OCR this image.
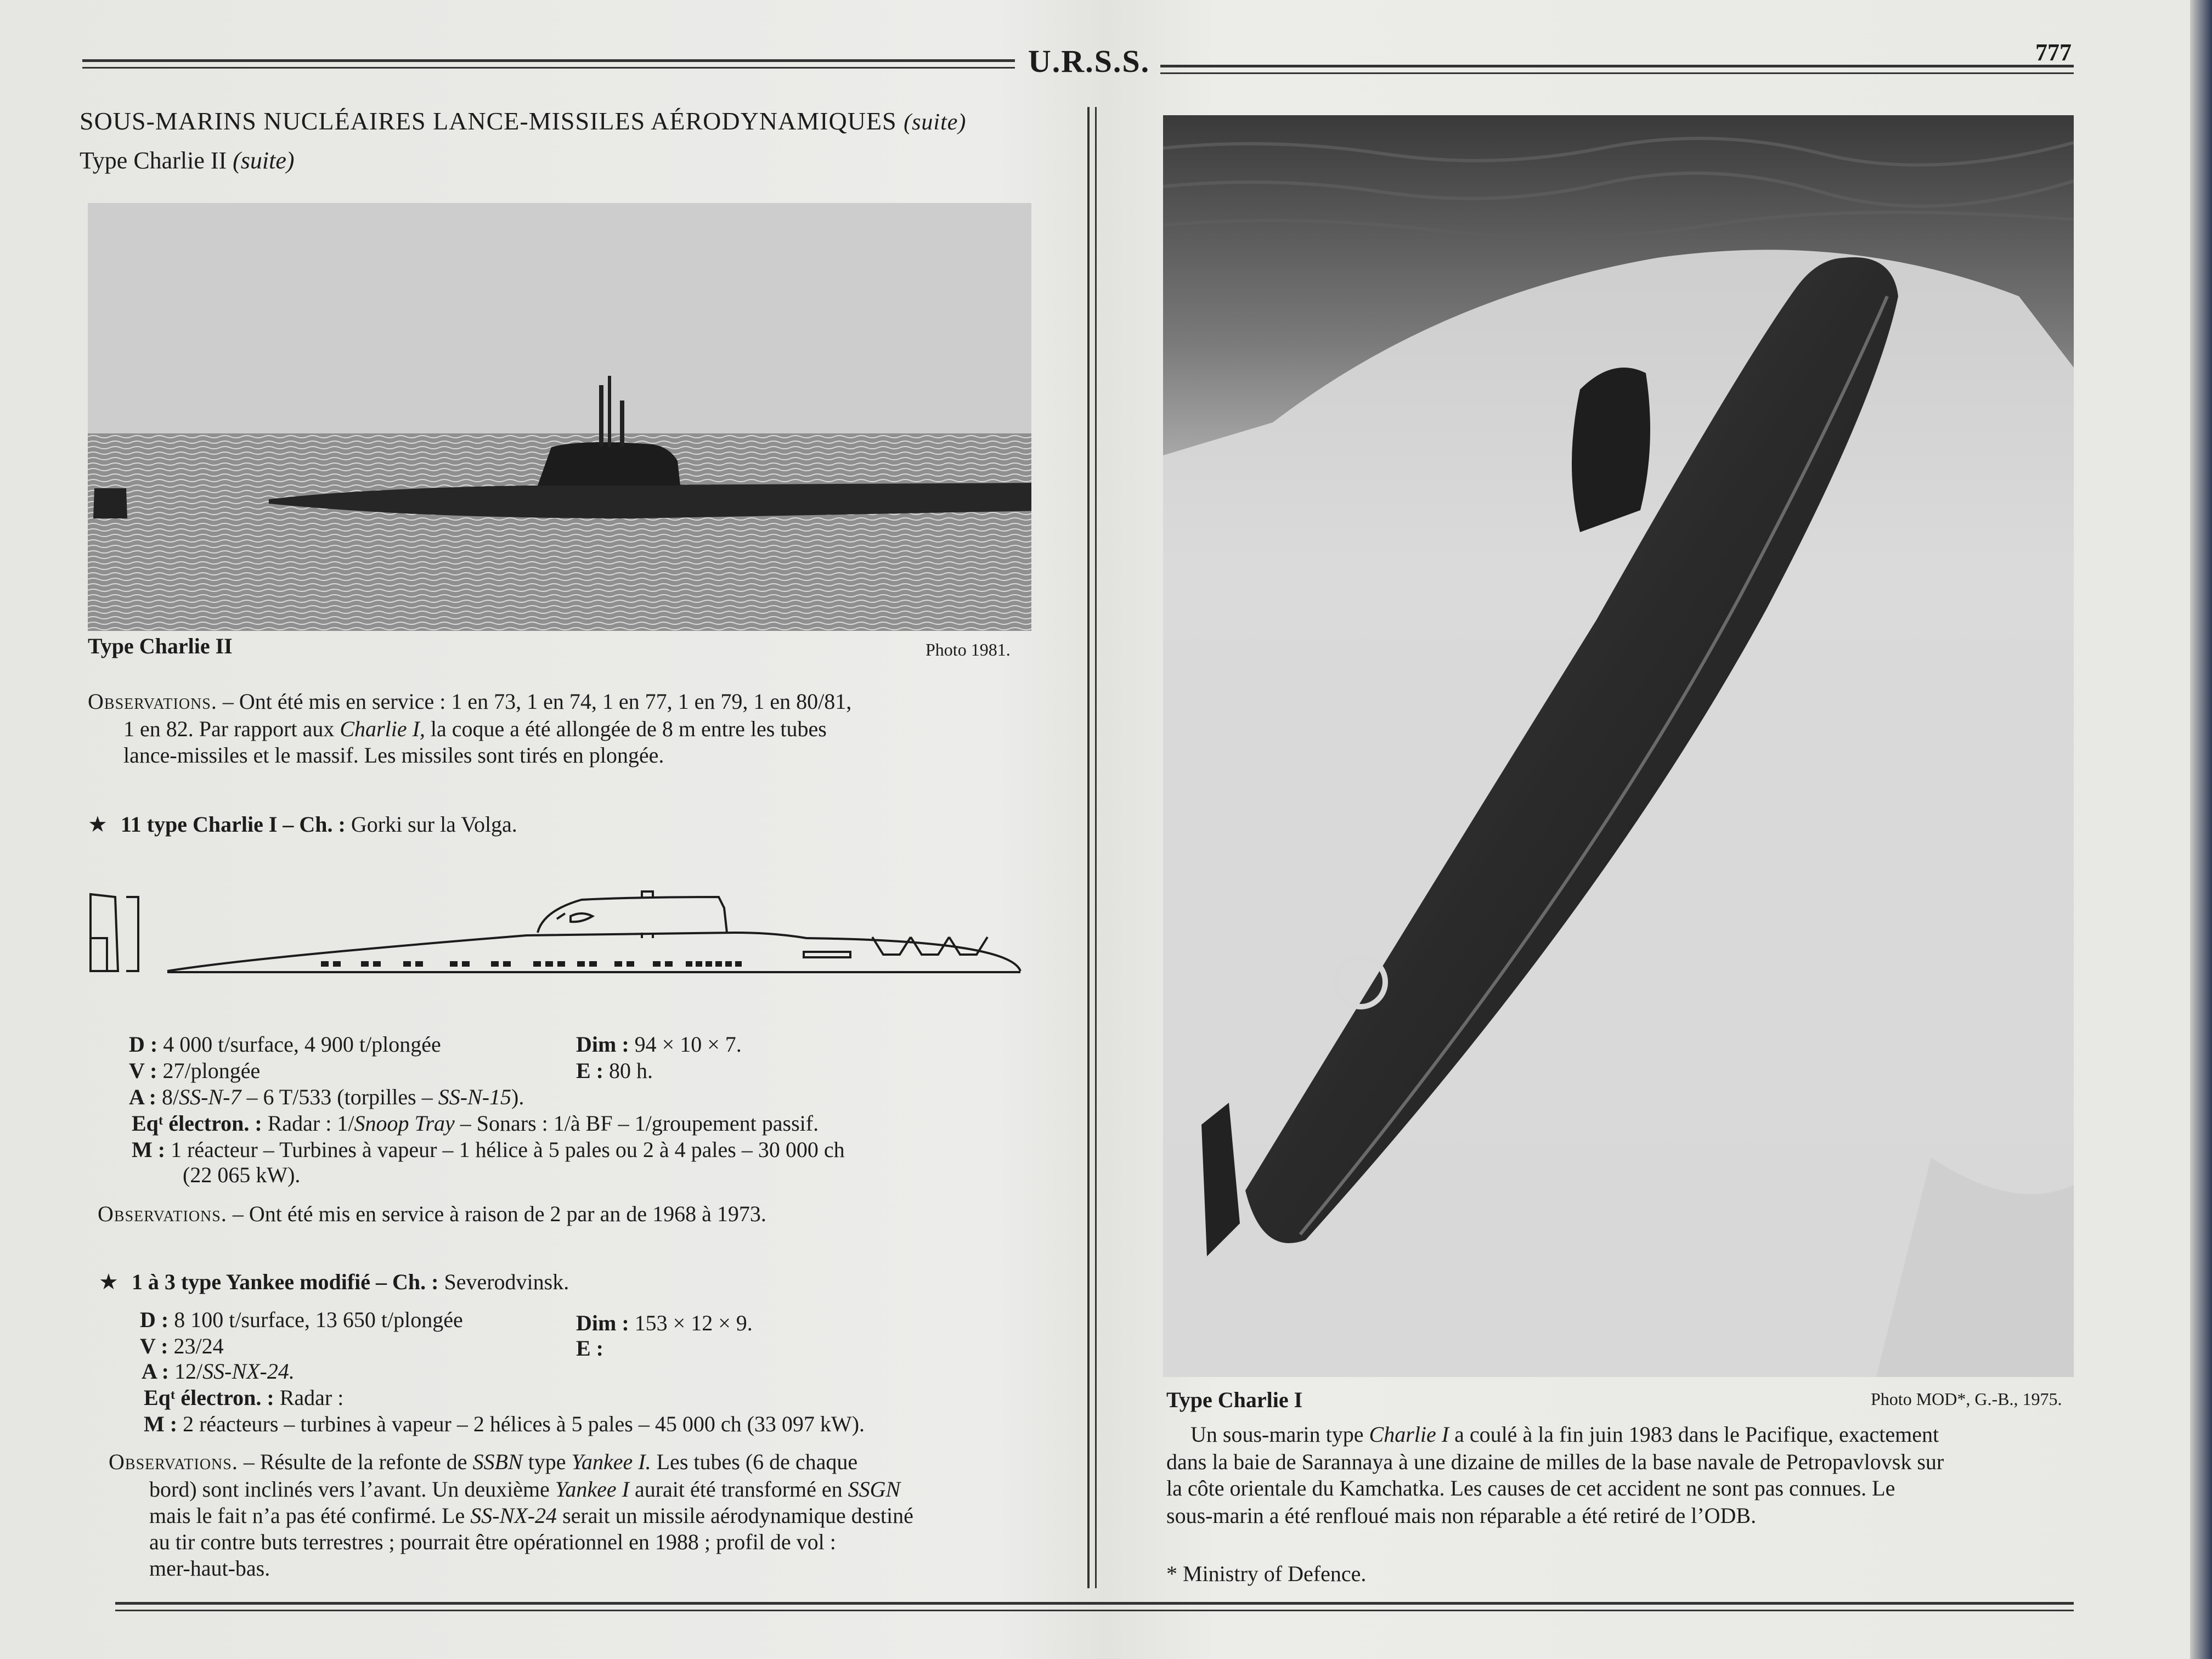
U.R.S.S.	777
SOUS-MARINS NUCLÉAIRES LANCE-MISSILES AÉRODYNAMIQUES (suite)
Type Charlie II (suite)
Type Charlie II	Photo 1981.
Observations. – Ont été mis en service : 1 en 73, 1 en 74, 1 en 77, 1 en 79, 1 en 80/81,
1 en 82. Par rapport aux Charlie I, la coque a été allongée de 8 m entre les tubes
lance-missiles et le massif. Les missiles sont tirés en plongée.
★ 11 type Charlie I – Ch. : Gorki sur la Volga.
D : 4 000 t/surface, 4 900 t/plongée	Dim : 94 × 10 × 7.
V : 27/plongée	E : 80 h.
A : 8/SS-N-7 – 6 T/533 (torpilles – SS-N-15).
Eqᵗ électron. : Radar : 1/Snoop Tray – Sonars : 1/à BF – 1/groupement passif.
M : 1 réacteur – Turbines à vapeur – 1 hélice à 5 pales ou 2 à 4 pales – 30 000 ch
(22 065 kW).
Observations. – Ont été mis en service à raison de 2 par an de 1968 à 1973.
★ 1 à 3 type Yankee modifié – Ch. : Severodvinsk.
D : 8 100 t/surface, 13 650 t/plongée	Dim : 153 × 12 × 9.
V : 23/24	E :
A : 12/SS-NX-24.
Eqᵗ électron. : Radar :
M : 2 réacteurs – turbines à vapeur – 2 hélices à 5 pales – 45 000 ch (33 097 kW).
Observations. – Résulte de la refonte de SSBN type Yankee I. Les tubes (6 de chaque
bord) sont inclinés vers l’avant. Un deuxième Yankee I aurait été transformé en SSGN
mais le fait n’a pas été confirmé. Le SS-NX-24 serait un missile aérodynamique destiné
au tir contre buts terrestres ; pourrait être opérationnel en 1988 ; profil de vol :
mer-haut-bas.
Type Charlie I	Photo MOD*, G.-B., 1975.
Un sous-marin type Charlie I a coulé à la fin juin 1983 dans le Pacifique, exactement
dans la baie de Sarannaya à une dizaine de milles de la base navale de Petropavlovsk sur
la côte orientale du Kamchatka. Les causes de cet accident ne sont pas connues. Le
sous-marin a été renfloué mais non réparable a été retiré de l’ODB.
* Ministry of Defence.
